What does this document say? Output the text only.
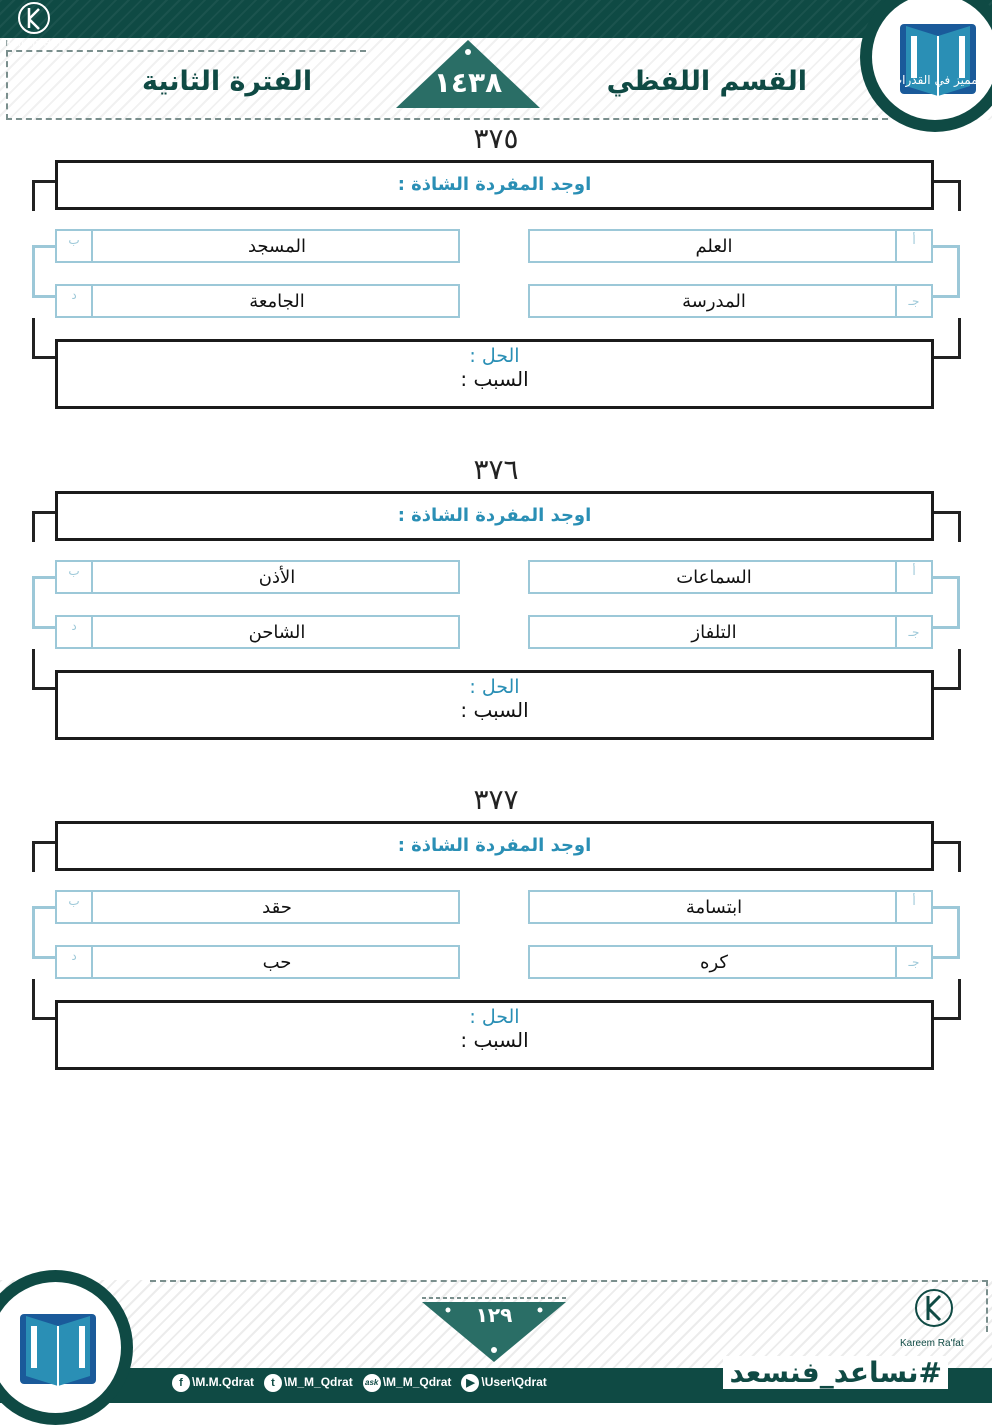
Kareem Ra'fat
١٤٣٨	القسم اللفظي
الفترة الثانية	المميز في القدرات
٣٧٥
اوجد المفردة الشاذة :
العلم	أ
ب	المسجد
المدرسة	جـ
د	الجامعة
الحل :
السبب :
٣٧٦
اوجد المفردة الشاذة :
السماعات	أ
ب	الأذن
التلفاز	جـ
د	الشاحن
الحل :
السبب :
٣٧٧
اوجد المفردة الشاذة :
ابتسامة	أ
ب	حقد
كره	جـ
د	حب
الحل :
السبب :
١٢٩
Kareem Ra'fat
#نساعد_فنسعد
f \M.M.Qdrat t \M_M_Qdrat ask \M_M_Qdrat ▶ \User\Qdrat
